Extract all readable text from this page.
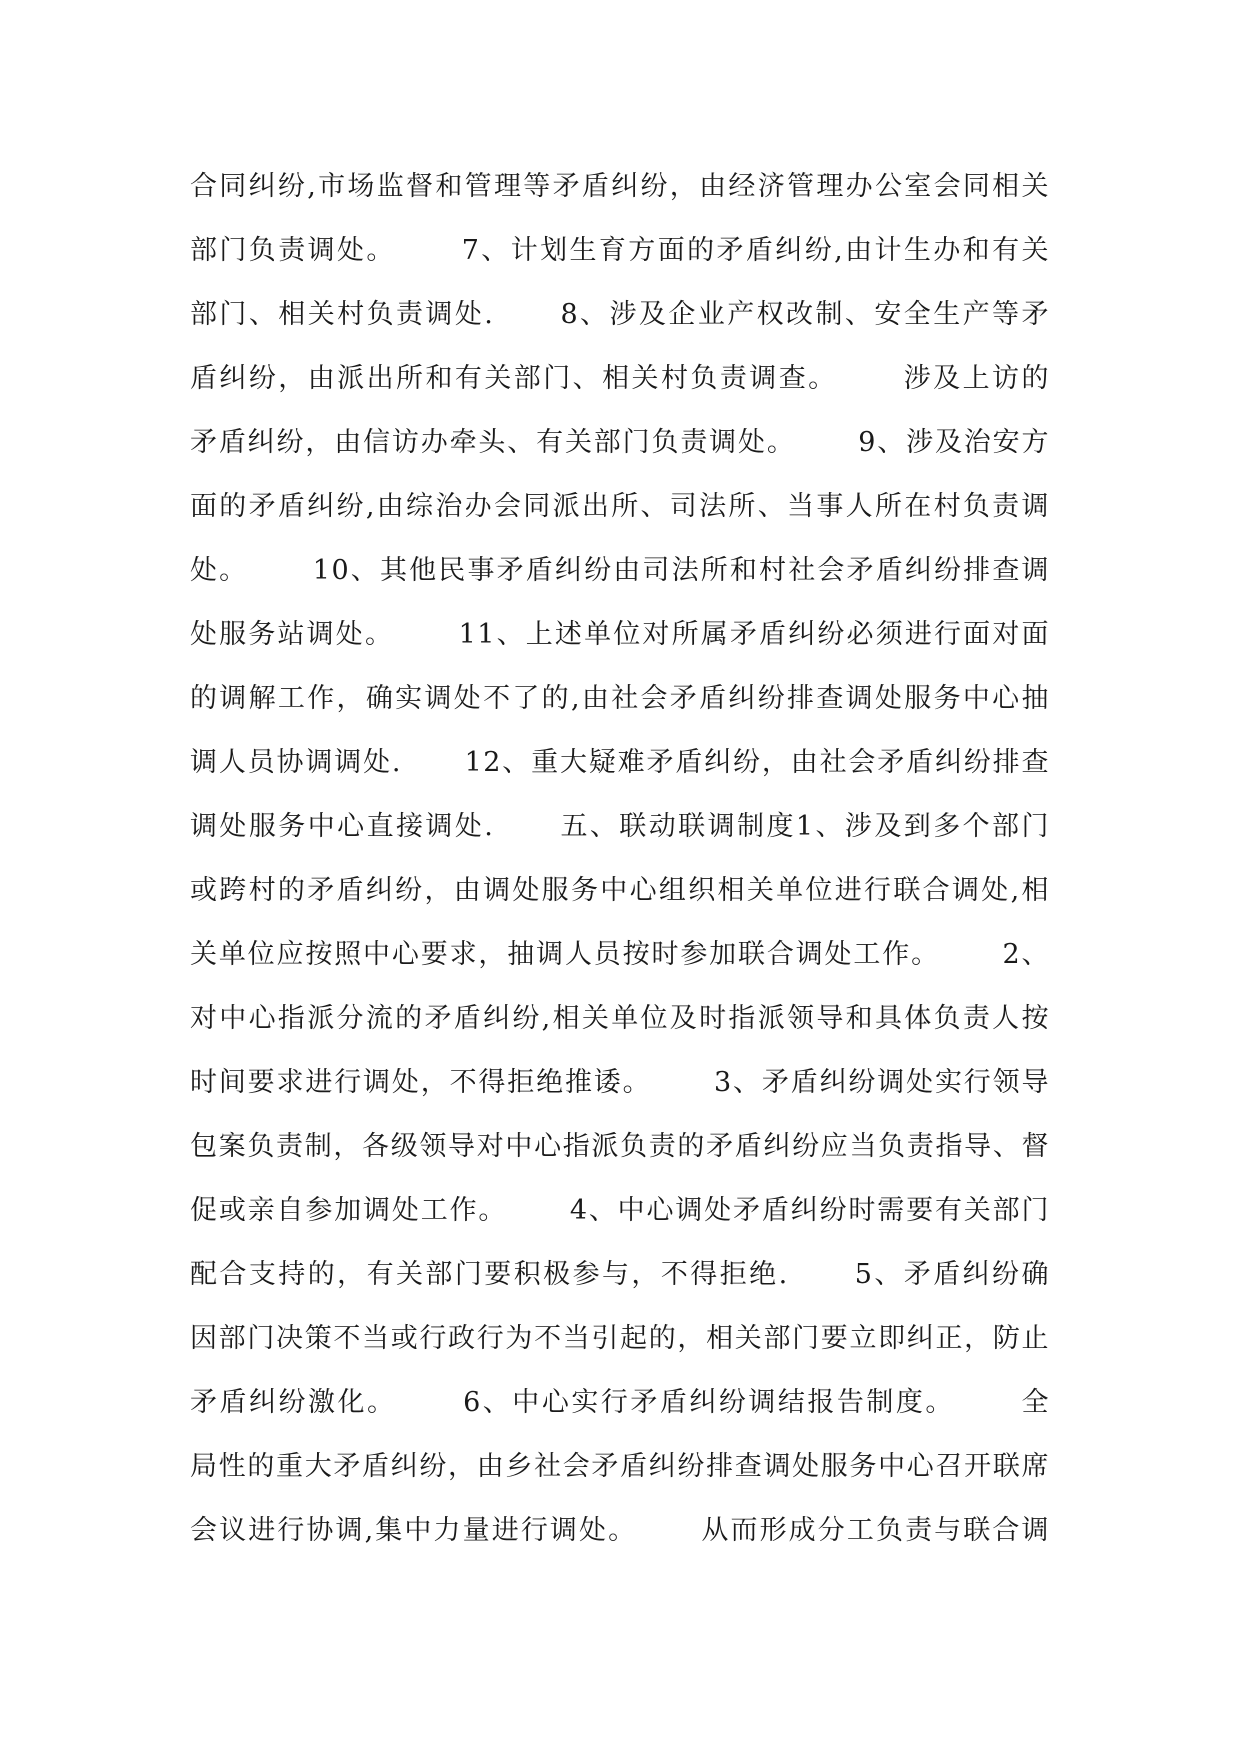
合同纠纷,市场监督和管理等矛盾纠纷，由经济管理办公室会同相关
部门负责调处。      7、计划生育方面的矛盾纠纷,由计生办和有关
部门、相关村负责调处.      8、涉及企业产权改制、安全生产等矛
盾纠纷，由派出所和有关部门、相关村负责调查。      涉及上访的
矛盾纠纷，由信访办牵头、有关部门负责调处。      9、涉及治安方
面的矛盾纠纷,由综治办会同派出所、司法所、当事人所在村负责调
处。      10、其他民事矛盾纠纷由司法所和村社会矛盾纠纷排查调
处服务站调处。      11、上述单位对所属矛盾纠纷必须进行面对面
的调解工作，确实调处不了的,由社会矛盾纠纷排查调处服务中心抽
调人员协调调处.      12、重大疑难矛盾纠纷，由社会矛盾纠纷排查
调处服务中心直接调处.      五、联动联调制度1、涉及到多个部门
或跨村的矛盾纠纷，由调处服务中心组织相关单位进行联合调处,相
关单位应按照中心要求，抽调人员按时参加联合调处工作。      2、
对中心指派分流的矛盾纠纷,相关单位及时指派领导和具体负责人按
时间要求进行调处，不得拒绝推诿。      3、矛盾纠纷调处实行领导
包案负责制，各级领导对中心指派负责的矛盾纠纷应当负责指导、督
促或亲自参加调处工作。      4、中心调处矛盾纠纷时需要有关部门
配合支持的，有关部门要积极参与，不得拒绝.      5、矛盾纠纷确
因部门决策不当或行政行为不当引起的，相关部门要立即纠正，防止
矛盾纠纷激化。      6、中心实行矛盾纠纷调结报告制度。      全
局性的重大矛盾纠纷，由乡社会矛盾纠纷排查调处服务中心召开联席
会议进行协调,集中力量进行调处。      从而形成分工负责与联合调
